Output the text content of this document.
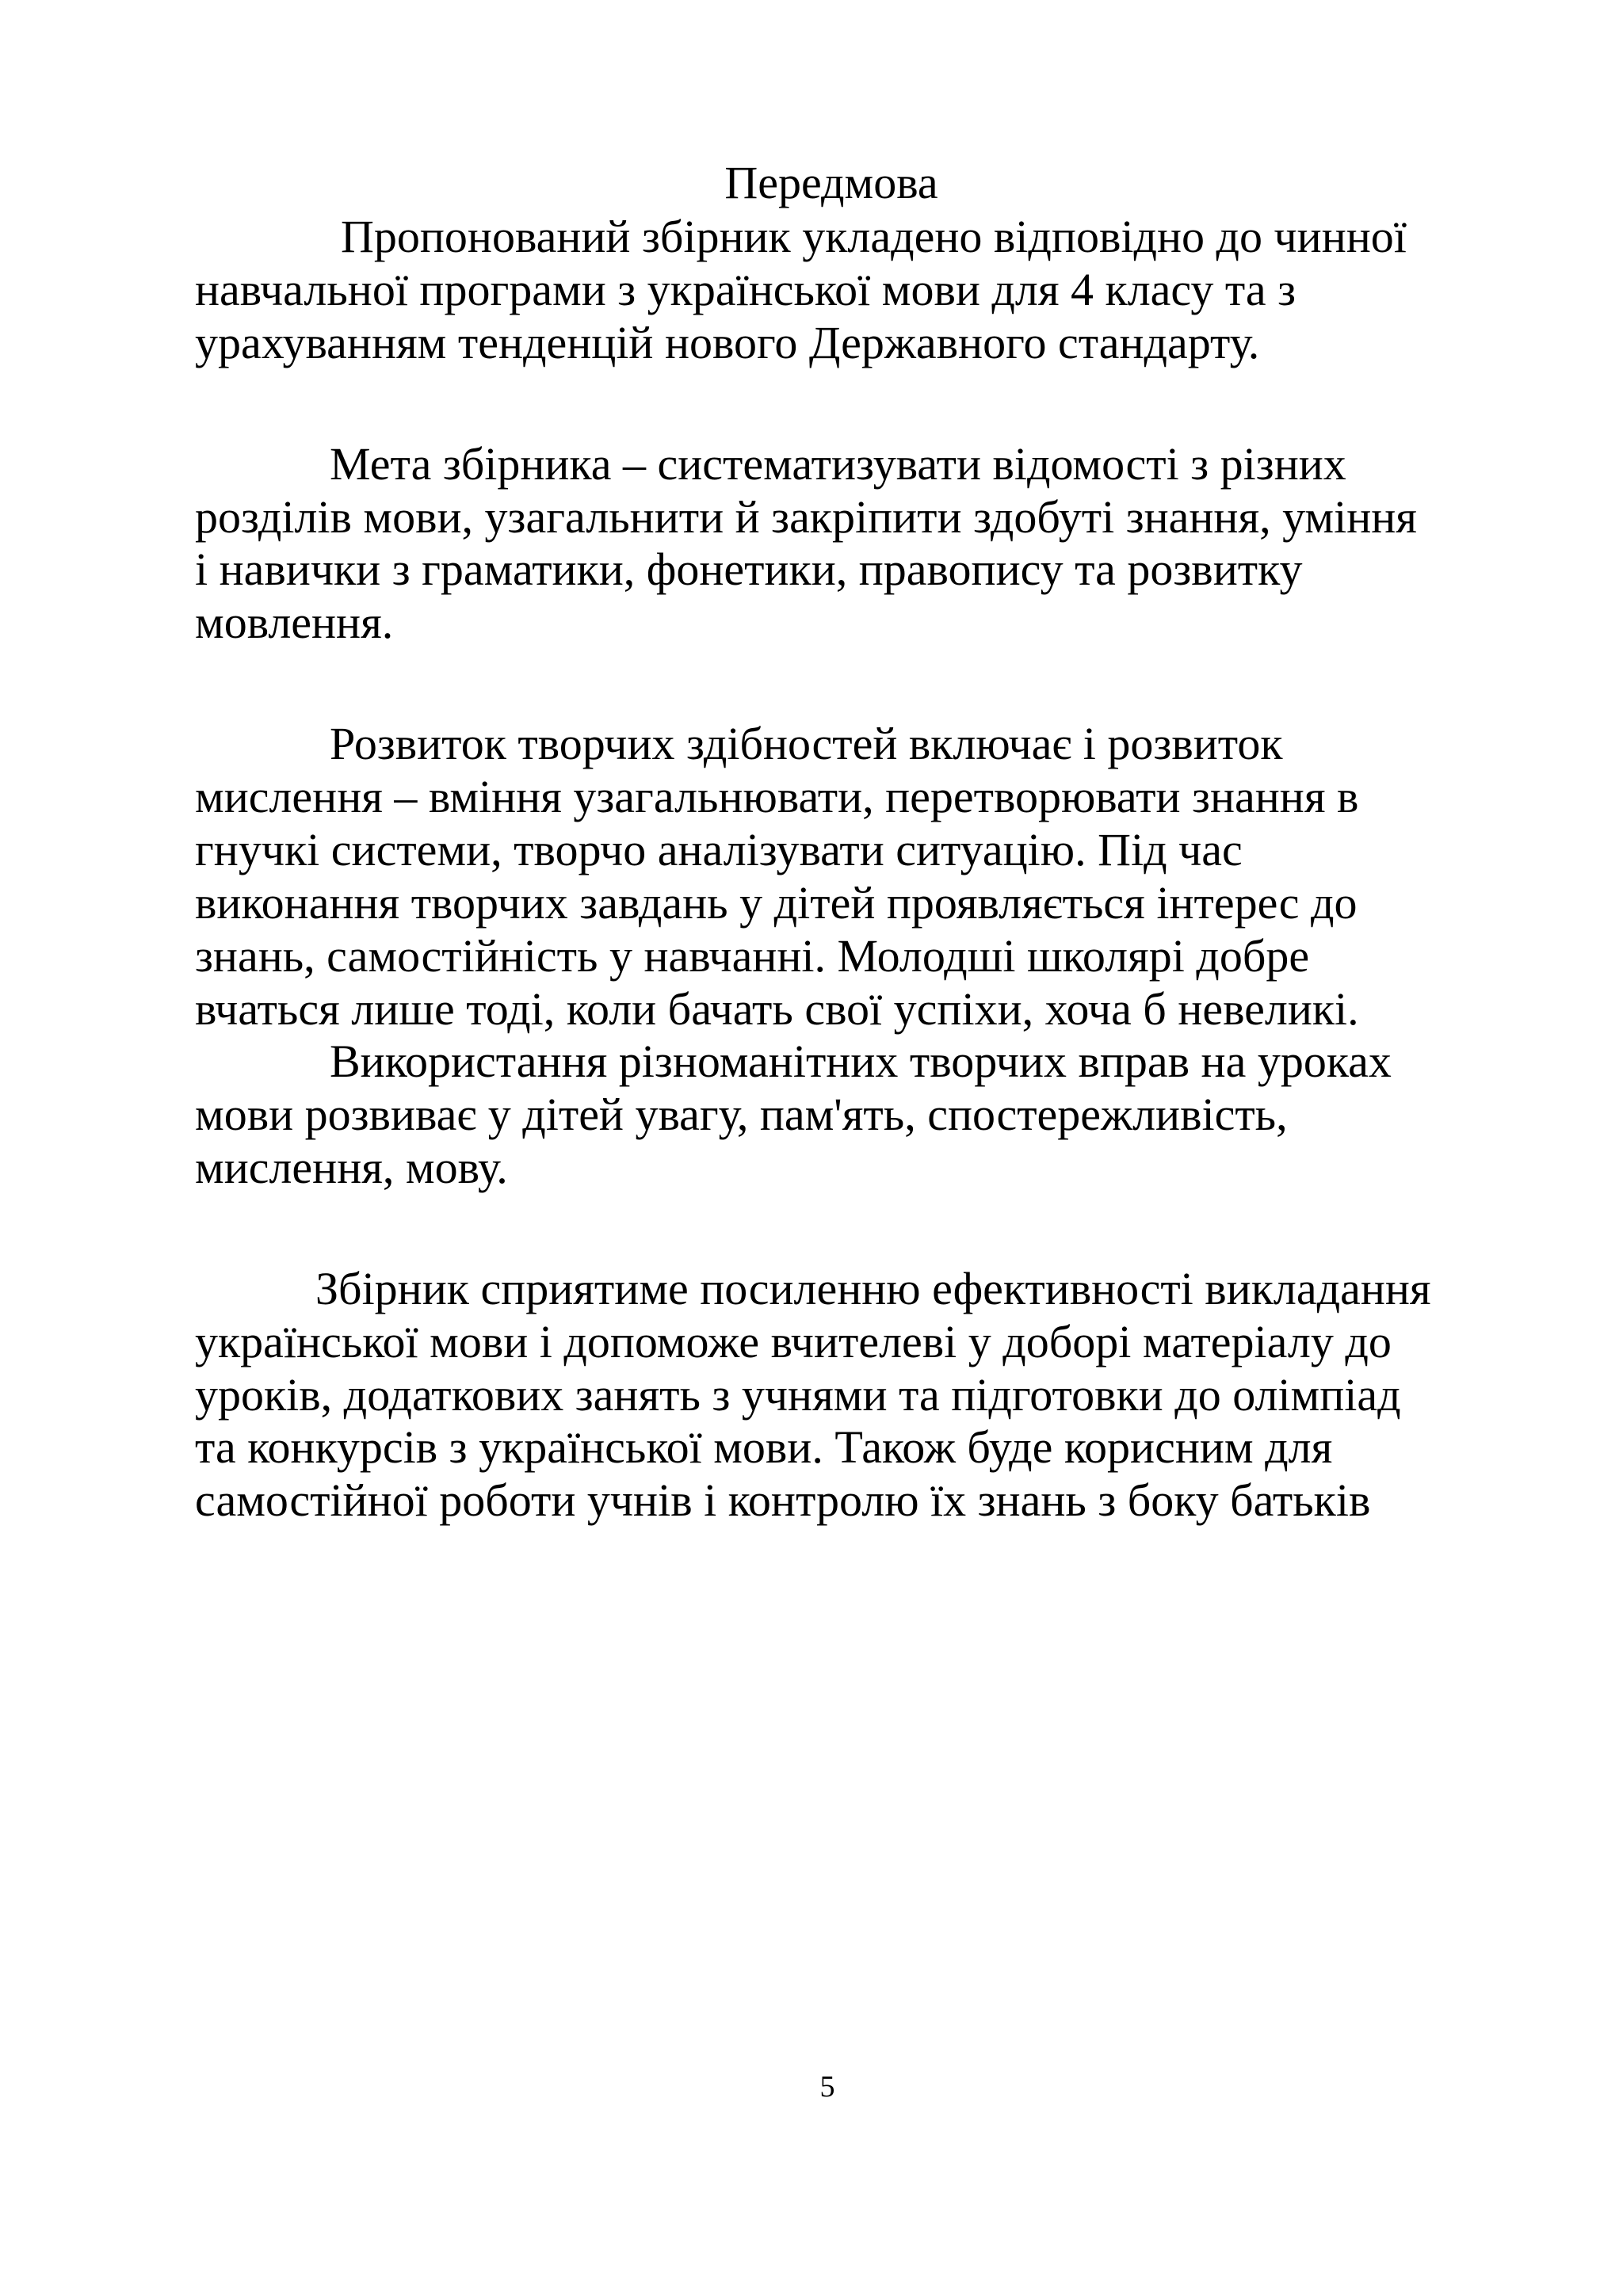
Передмова

Пропонований збірник укладено відповідно до чинної

навчальної програми з української мови для 4 класу та з

урахуванням тенденцій нового Державного стандарту.

Мета збірника – систематизувати відомості з різних

розділів мови, узагальнити й закріпити здобуті знання, уміння

і навички з граматики, фонетики, правопису та розвитку

мовлення.

Розвиток творчих здібностей включає і розвиток

мислення – вміння узагальнювати, перетворювати знання в

гнучкі системи, творчо аналізувати ситуацію. Під час

виконання творчих завдань у дітей проявляється інтерес до

знань, самостійність у навчанні. Молодші школярі добре

вчаться лише тоді, коли бачать свої успіхи, хоча б невеликі.

Використання різноманітних творчих вправ на уроках

мови розвиває у дітей увагу, пам'ять, спостережливість,

мислення, мову.

Збірник сприятиме посиленню ефективності викладання

української мови і допоможе вчителеві у доборі матеріалу до

уроків, додаткових занять з учнями та підготовки до олімпіад

та конкурсів з української мови. Також буде корисним для

самостійної роботи учнів і контролю їх знань з боку батьків

5
